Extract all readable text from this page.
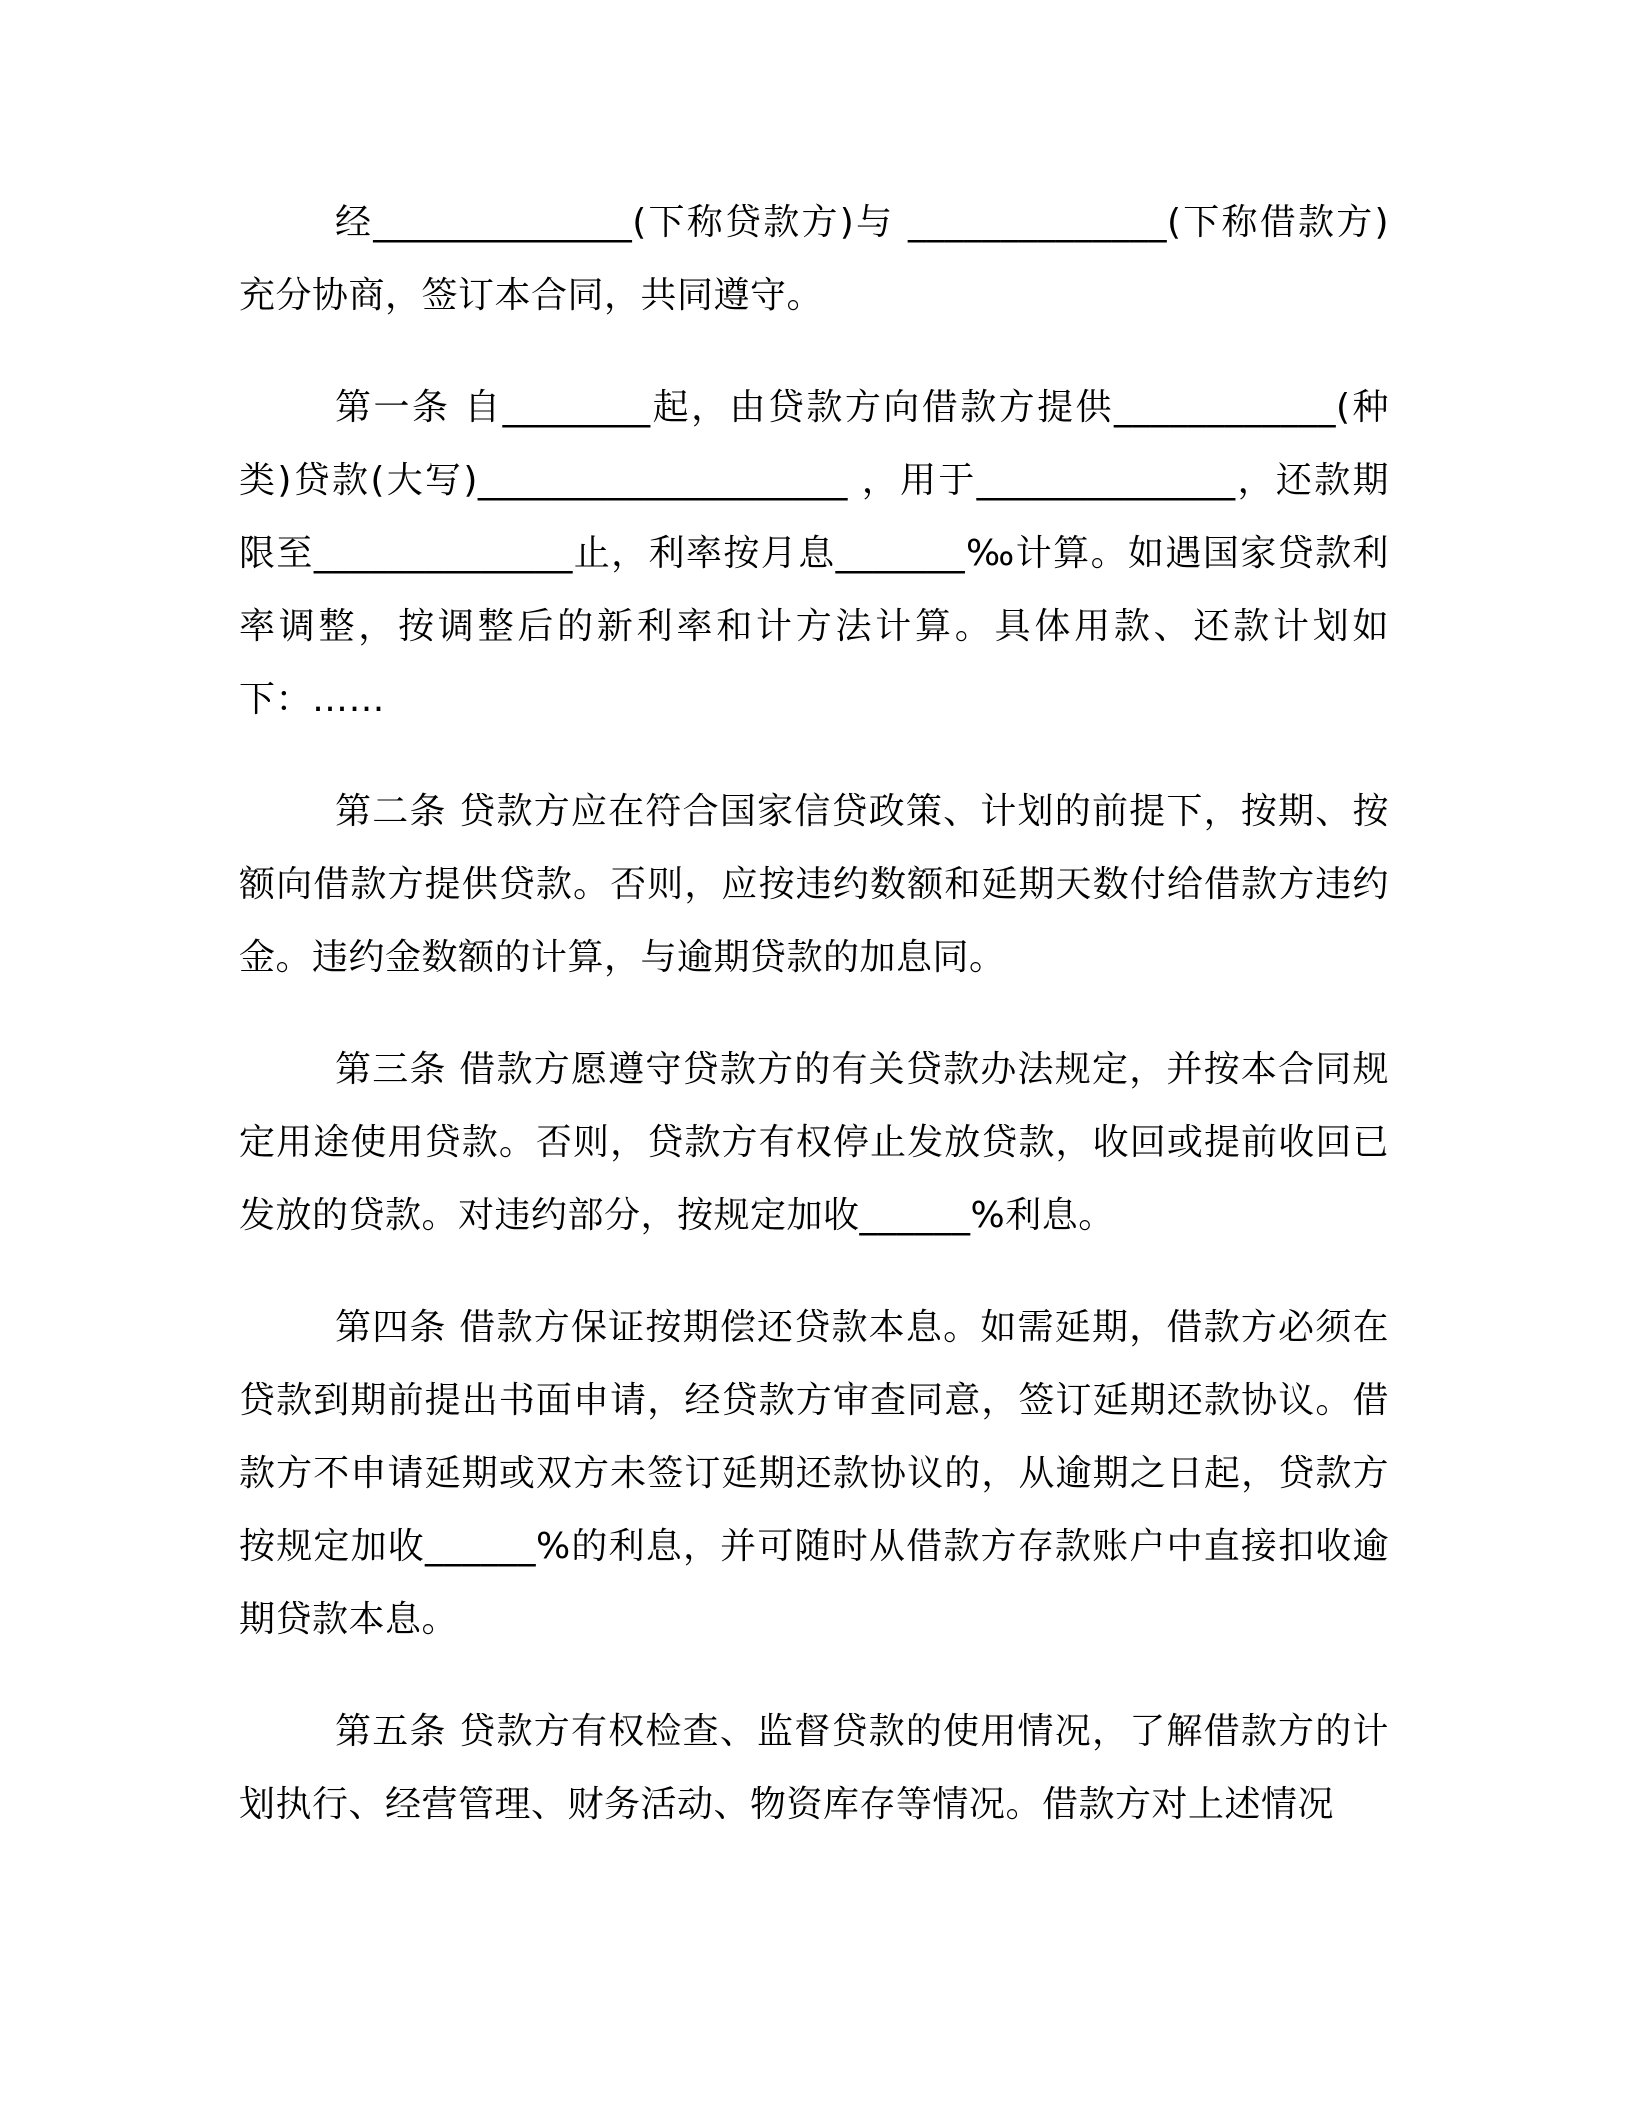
经______________(下称贷款方)与 ______________(下称借款方)充分协商，签订本合同，共同遵守。

第一条 自________起，由贷款方向借款方提供____________(种类)贷款(大写)____________________ ，用于______________，还款期限至______________止，利率按月息_______‰计算。如遇国家贷款利率调整，按调整后的新利率和计方法计算。具体用款、还款计划如下：……

第二条 贷款方应在符合国家信贷政策、计划的前提下，按期、按额向借款方提供贷款。否则，应按违约数额和延期天数付给借款方违约金。违约金数额的计算，与逾期贷款的加息同。

第三条 借款方愿遵守贷款方的有关贷款办法规定，并按本合同规定用途使用贷款。否则，贷款方有权停止发放贷款，收回或提前收回已发放的贷款。对违约部分，按规定加收______%利息。

第四条 借款方保证按期偿还贷款本息。如需延期，借款方必须在贷款到期前提出书面申请，经贷款方审查同意，签订延期还款协议。借款方不申请延期或双方未签订延期还款协议的，从逾期之日起，贷款方按规定加收______%的利息，并可随时从借款方存款账户中直接扣收逾期贷款本息。

第五条 贷款方有权检查、监督贷款的使用情况，了解借款方的计划执行、经营管理、财务活动、物资库存等情况。借款方对上述情况
